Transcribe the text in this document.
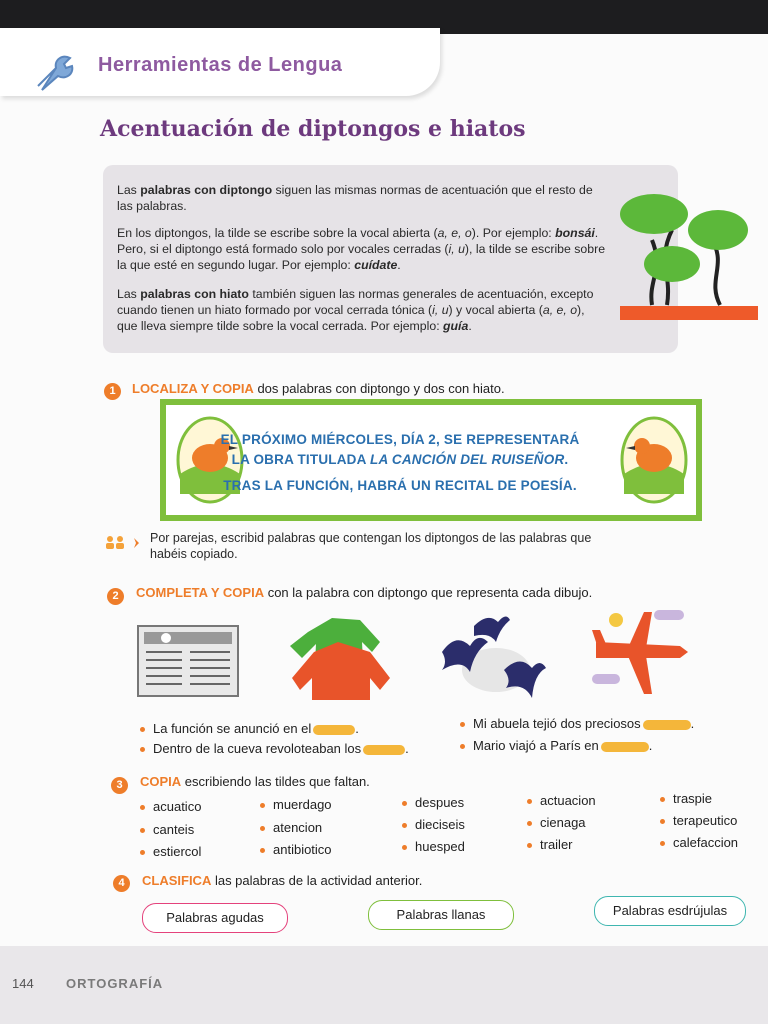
Herramientas de Lengua
Acentuación de diptongos e hiatos
Las palabras con diptongo siguen las mismas normas de acentuación que el resto de las palabras.
En los diptongos, la tilde se escribe sobre la vocal abierta (a, e, o). Por ejemplo: bonsái. Pero, si el diptongo está formado solo por vocales cerradas (i, u), la tilde se escribe sobre la que esté en segundo lugar. Por ejemplo: cuídate.
Las palabras con hiato también siguen las normas generales de acentuación, excepto cuando tienen un hiato formado por vocal cerrada tónica (i, u) y vocal abierta (a, e, o), que lleva siempre tilde sobre la vocal cerrada. Por ejemplo: guía.
1	LOCALIZA Y COPIA dos palabras con diptongo y dos con hiato.
EL PRÓXIMO MIÉRCOLES, DÍA 2, SE REPRESENTARÁ
LA OBRA TITULADA LA CANCIÓN DEL RUISEÑOR.
TRAS LA FUNCIÓN, HABRÁ UN RECITAL DE POESÍA.
Por parejas, escribid palabras que contengan los diptongos de las palabras que habéis copiado.
2	COMPLETA Y COPIA con la palabra con diptongo que representa cada dibujo.
La función se anunció en el	.
Dentro de la cueva revoloteaban los	.
Mi abuela tejió dos preciosos	.
Mario viajó a París en	.
3	COPIA escribiendo las tildes que faltan.
acuatico
canteis
estiercol
muerdago
atencion
antibiotico
despues
dieciseis
huesped
actuacion
cienaga
trailer
traspie
terapeutico
calefaccion
4	CLASIFICA las palabras de la actividad anterior.
Palabras agudas	Palabras llanas	Palabras esdrújulas
144 ORTOGRAFÍA
